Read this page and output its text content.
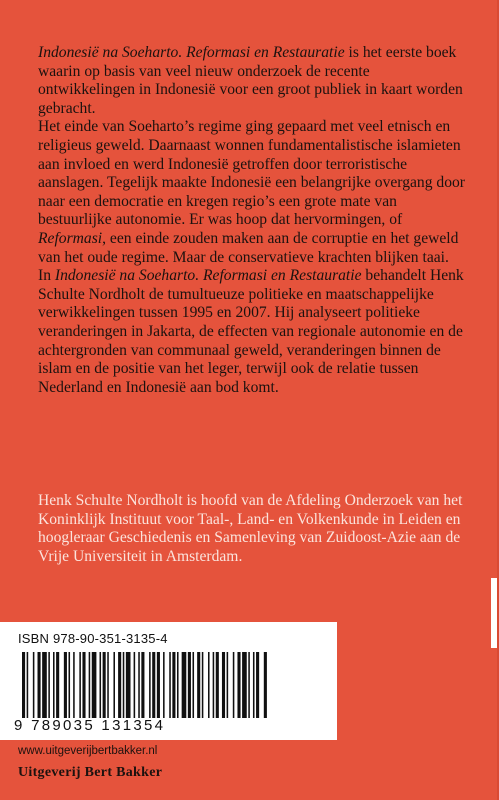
Indonesië na Soeharto. Reformasi en Restauratie is het eerste boek waarin op basis van veel nieuw onderzoek de recente ontwikkelingen in Indonesië voor een groot publiek in kaart worden gebracht.

Het einde van Soeharto’s regime ging gepaard met veel etnisch en religieus geweld. Daarnaast wonnen fundamentalistische islamieten aan invloed en werd Indonesië getroffen door terroristische aanslagen. Tegelijk maakte Indonesië een belangrijke overgang door naar een democratie en kregen regio’s een grote mate van bestuurlijke autonomie. Er was hoop dat hervormingen, of Reformasi, een einde zouden maken aan de corruptie en het geweld van het oude regime. Maar de conservatieve krachten blijken taai.

In Indonesië na Soeharto. Reformasi en Restauratie behandelt Henk Schulte Nordholt de tumultueuze politieke en maatschappelijke verwikkelingen tussen 1995 en 2007. Hij analyseert politieke veranderingen in Jakarta, de effecten van regionale autonomie en de achtergronden van communaal geweld, veranderingen binnen de islam en de positie van het leger, terwijl ook de relatie tussen Nederland en Indonesië aan bod komt.

Henk Schulte Nordholt is hoofd van de Afdeling Onderzoek van het Koninklijk Instituut voor Taal-, Land- en Volkenkunde in Leiden en hoogleraar Geschiedenis en Samenleving van Zuidoost-Azie aan de Vrije Universiteit in Amsterdam.
ISBN 978-90-351-3135-4
9 789035 131354
www.uitgeverijbertbakker.nl
Uitgeverij Bert Bakker
